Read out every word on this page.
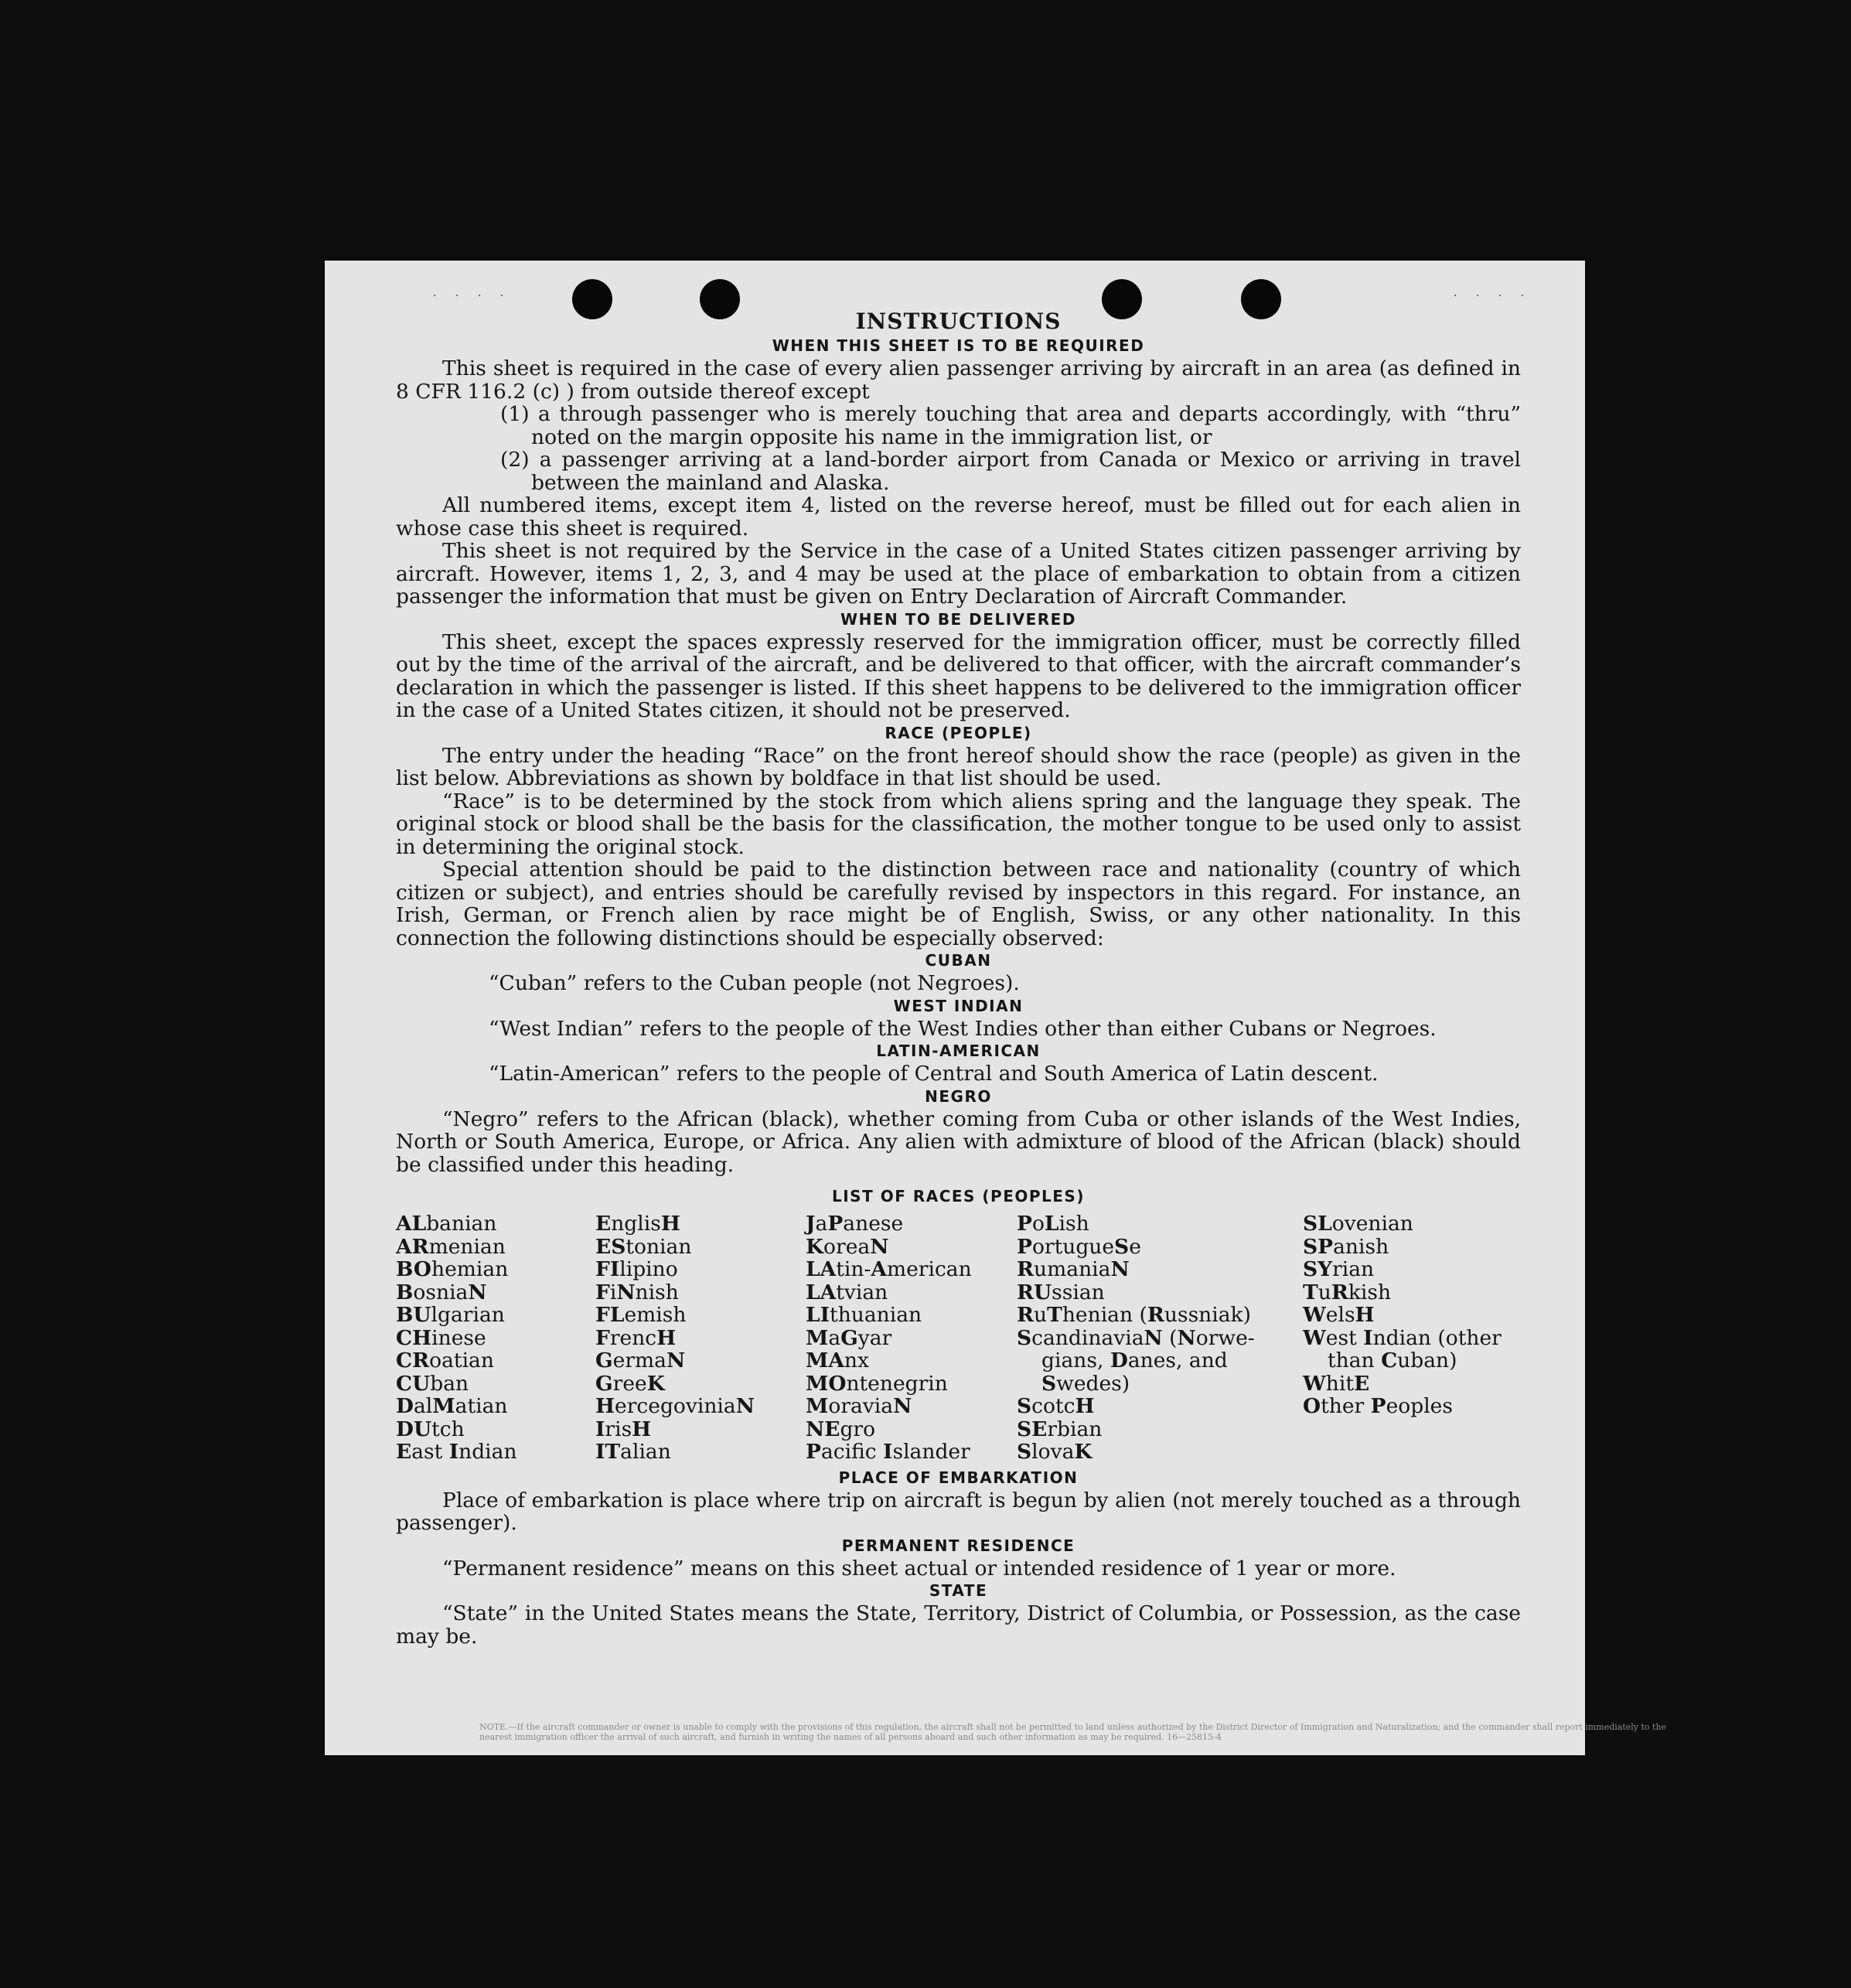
· · · ·	· · · ·
INSTRUCTIONS
WHEN THIS SHEET IS TO BE REQUIRED

This sheet is required in the case of every alien passenger arriving by aircraft in an area (as defined in 8 CFR 116.2 (c) ) from outside thereof except

(1) a through passenger who is merely touching that area and departs accordingly, with “thru” noted on the margin opposite his name in the immigration list, or

(2) a passenger arriving at a land-border airport from Canada or Mexico or arriving in travel between the mainland and Alaska.

All numbered items, except item 4, listed on the reverse hereof, must be filled out for each alien in whose case this sheet is required.

This sheet is not required by the Service in the case of a United States citizen passenger arriving by aircraft. However, items 1, 2, 3, and 4 may be used at the place of embarkation to obtain from a citizen passenger the information that must be given on Entry Declaration of Aircraft Commander.

WHEN TO BE DELIVERED

This sheet, except the spaces expressly reserved for the immigration officer, must be correctly filled out by the time of the arrival of the aircraft, and be delivered to that officer, with the aircraft commander’s declaration in which the passenger is listed. If this sheet happens to be delivered to the immigration officer in the case of a United States citizen, it should not be preserved.

RACE (PEOPLE)

The entry under the heading “Race” on the front hereof should show the race (people) as given in the list below. Abbreviations as shown by boldface in that list should be used.

“Race” is to be determined by the stock from which aliens spring and the language they speak. The original stock or blood shall be the basis for the classification, the mother tongue to be used only to assist in determining the original stock.

Special attention should be paid to the distinction between race and nationality (country of which citizen or subject), and entries should be carefully revised by inspectors in this regard. For instance, an Irish, German, or French alien by race might be of English, Swiss, or any other nationality. In this connection the following distinctions should be especially observed:

CUBAN

“Cuban” refers to the Cuban people (not Negroes).

WEST INDIAN

“West Indian” refers to the people of the West Indies other than either Cubans or Negroes.

LATIN-AMERICAN

“Latin-American” refers to the people of Central and South America of Latin descent.

NEGRO

“Negro” refers to the African (black), whether coming from Cuba or other islands of the West Indies, North or South America, Europe, or Africa. Any alien with admixture of blood of the African (black) should be classified under this heading.

LIST OF RACES (PEOPLES)
ALbanian
ARmenian
BOhemian
BosniaN
BUlgarian
CHinese
CRoatian
CUban
DalMatian
DUtch
East Indian
EnglisH
EStonian
FIlipino
FiNnish
FLemish
FrencH
GermaN
GreeK
HercegoviniaN
IrisH
ITalian
JaPanese
KoreaN
LAtin-American
LAtvian
LIthuanian
MaGyar
MAnx
MOntenegrin
MoraviaN
NEgro
Pacifc Islander
PoLish
PortugueSe
RumaniaN
RUssian
RuThenian (Russniak)
ScandinaviaN (Norwe-
gians, Danes, and
Swedes)
ScotcH
SErbian
SlovaK
SLovenian
SPanish
SYrian
TuRkish
WelsH
West Indian (other
than Cuban)
WhitE
Other Peoples
PLACE OF EMBARKATION

Place of embarkation is place where trip on aircraft is begun by alien (not merely touched as a through passenger).

PERMANENT RESIDENCE

“Permanent residence” means on this sheet actual or intended residence of 1 year or more.

STATE

“State” in the United States means the State, Territory, District of Columbia, or Possession, as the case may be.

NOTE.—If the aircraft commander or owner is unable to comply with the provisions of this regulation, the aircraft shall not be permitted to land unless authorized by the District Director of Immigration and Naturalization; and the commander shall report immediately to the
nearest immigration officer the arrival of such aircraft, and furnish in writing the names of all persons aboard and such other information as may be required. 16—25815-4
